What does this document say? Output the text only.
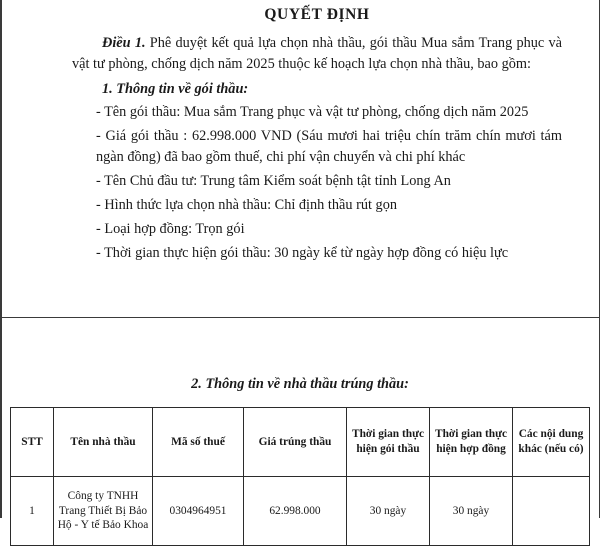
QUYẾT ĐỊNH

Điều 1. Phê duyệt kết quả lựa chọn nhà thầu, gói thầu Mua sắm Trang phục và vật tư phòng, chống dịch năm 2025 thuộc kế hoạch lựa chọn nhà thầu, bao gồm:

1. Thông tin về gói thầu:

- Tên gói thầu: Mua sắm Trang phục và vật tư phòng, chống dịch năm 2025

- Giá gói thầu : 62.998.000 VND (Sáu mươi hai triệu chín trăm chín mươi tám ngàn đồng) đã bao gồm thuế, chi phí vận chuyển và chi phí khác

- Tên Chủ đầu tư: Trung tâm Kiểm soát bệnh tật tỉnh Long An

- Hình thức lựa chọn nhà thầu: Chỉ định thầu rút gọn

- Loại hợp đồng: Trọn gói

- Thời gian thực hiện gói thầu: 30 ngày kể từ ngày hợp đồng có hiệu lực

2. Thông tin về nhà thầu trúng thầu:
STT	Tên nhà thầu	Mã số thuế	Giá trúng thầu	Thời gian thực hiện gói thầu	Thời gian thực hiện hợp đồng	Các nội dung khác (nếu có)
1	Công ty TNHH Trang Thiết Bị Bảo Hộ - Y tế Bảo Khoa	0304964951	62.998.000	30 ngày	30 ngày	
